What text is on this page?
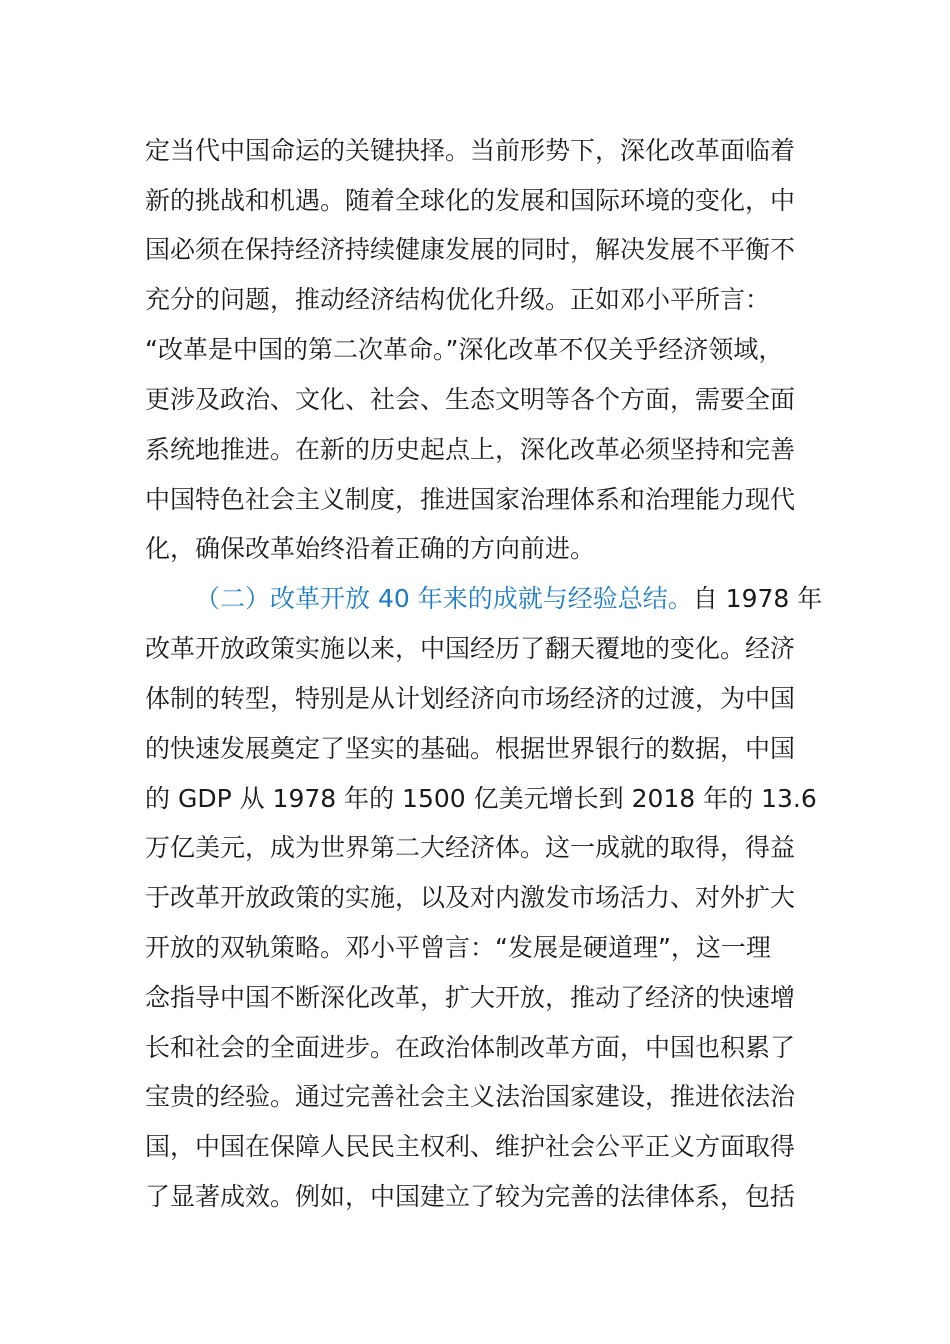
定当代中国命运的关键抉择。当前形势下，深化改革面临着
新的挑战和机遇。随着全球化的发展和国际环境的变化，中
国必须在保持经济持续健康发展的同时，解决发展不平衡不
充分的问题，推动经济结构优化升级。正如邓小平所言：
“改革是中国的第二次革命。”深化改革不仅关乎经济领域，
更涉及政治、文化、社会、生态文明等各个方面，需要全面
系统地推进。在新的历史起点上，深化改革必须坚持和完善
中国特色社会主义制度，推进国家治理体系和治理能力现代
化，确保改革始终沿着正确的方向前进。
（二）改革开放 40 年来的成就与经验总结。自 1978 年
改革开放政策实施以来，中国经历了翻天覆地的变化。经济
体制的转型，特别是从计划经济向市场经济的过渡，为中国
的快速发展奠定了坚实的基础。根据世界银行的数据，中国
的 GDP 从 1978 年的 1500 亿美元增长到 2018 年的 13.6
万亿美元，成为世界第二大经济体。这一成就的取得，得益
于改革开放政策的实施，以及对内激发市场活力、对外扩大
开放的双轨策略。邓小平曾言：“发展是硬道理”，这一理
念指导中国不断深化改革，扩大开放，推动了经济的快速增
长和社会的全面进步。在政治体制改革方面，中国也积累了
宝贵的经验。通过完善社会主义法治国家建设，推进依法治
国，中国在保障人民民主权利、维护社会公平正义方面取得
了显著成效。例如，中国建立了较为完善的法律体系，包括
